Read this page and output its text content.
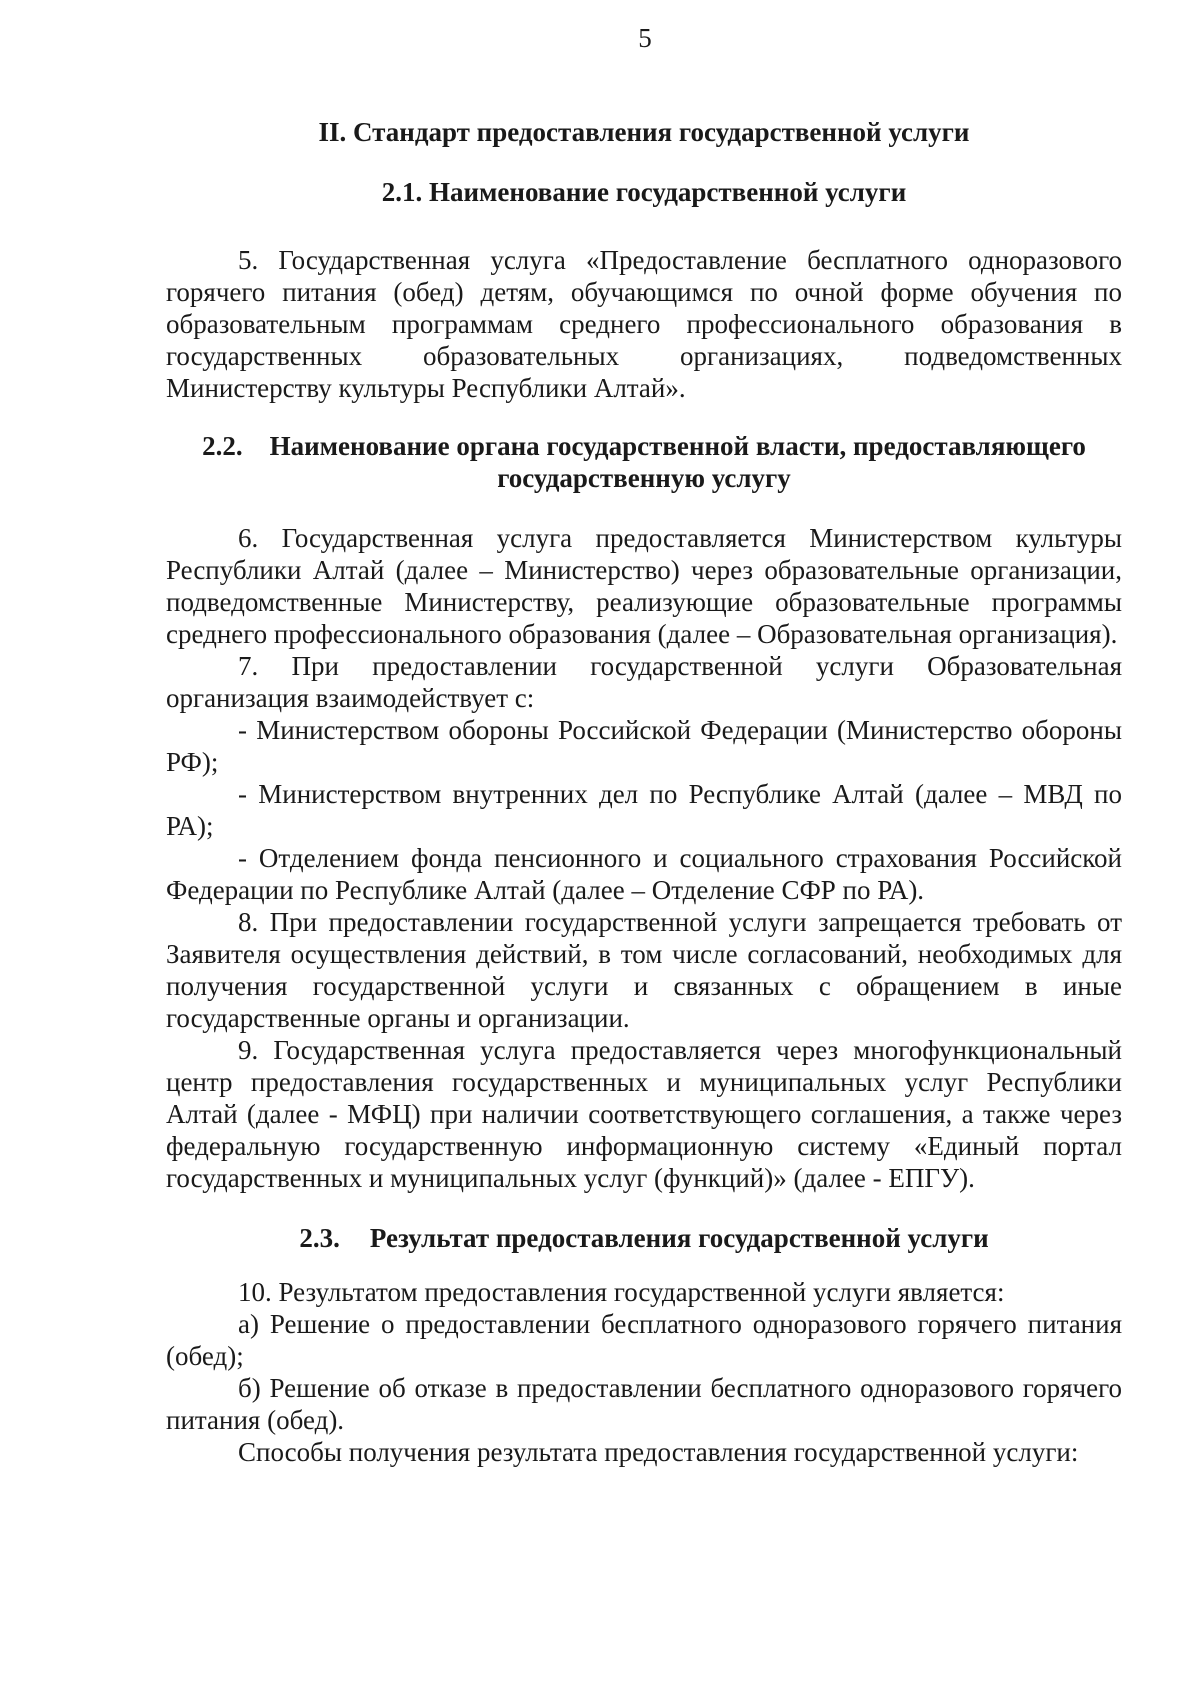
5

II. Стандарт предоставления государственной услуги

2.1. Наименование государственной услуги

5. Государственная услуга «Предоставление бесплатного одноразового горячего питания (обед) детям, обучающимся по очной форме обучения по образовательным программам среднего профессионального образования в государственных образовательных организациях, подведомственных Министерству культуры Республики Алтай».

2.2. Наименование органа государственной власти, предоставляющего

государственную услугу

6. Государственная услуга предоставляется Министерством культуры Республики Алтай (далее – Министерство) через образовательные организации, подведомственные Министерству, реализующие образовательные программы среднего профессионального образования (далее – Образовательная организация).

7. При предоставлении государственной услуги Образовательная организация взаимодействует с:

- Министерством обороны Российской Федерации (Министерство обороны РФ);

- Министерством внутренних дел по Республике Алтай (далее – МВД по РА);

- Отделением фонда пенсионного и социального страхования Российской Федерации по Республике Алтай (далее – Отделение СФР по РА).

8. При предоставлении государственной услуги запрещается требовать от Заявителя осуществления действий, в том числе согласований, необходимых для получения государственной услуги и связанных с обращением в иные государственные органы и организации.

9. Государственная услуга предоставляется через многофункциональный центр предоставления государственных и муниципальных услуг Республики Алтай (далее - МФЦ) при наличии соответствующего соглашения, а также через федеральную государственную информационную систему «Единый портал государственных и муниципальных услуг (функций)» (далее - ЕПГУ).

2.3. Результат предоставления государственной услуги

10. Результатом предоставления государственной услуги является:

а) Решение о предоставлении бесплатного одноразового горячего питания (обед);

б) Решение об отказе в предоставлении бесплатного одноразового горячего питания (обед).

Способы получения результата предоставления государственной услуги:
